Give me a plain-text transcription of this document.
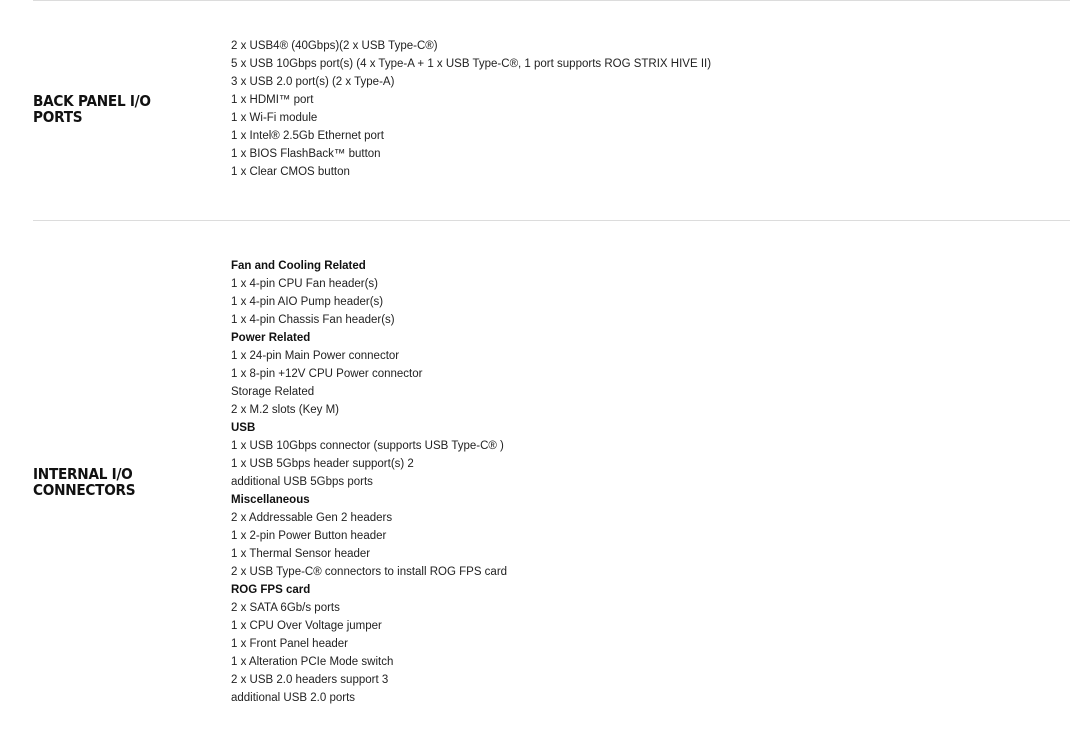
BACK PANEL I/O
PORTS
2 x USB4® (40Gbps)(2 x USB Type-C®)
5 x USB 10Gbps port(s) (4 x Type-A + 1 x USB Type-C®, 1 port supports ROG STRIX HIVE II)
3 x USB 2.0 port(s) (2 x Type-A)
1 x HDMI™ port
1 x Wi-Fi module
1 x Intel® 2.5Gb Ethernet port
1 x BIOS FlashBack™ button
1 x Clear CMOS button
INTERNAL I/O
CONNECTORS
Fan and Cooling Related
1 x 4-pin CPU Fan header(s)
1 x 4-pin AIO Pump header(s)
1 x 4-pin Chassis Fan header(s)
Power Related
1 x 24-pin Main Power connector
1 x 8-pin +12V CPU Power connector
Storage Related
2 x M.2 slots (Key M)
USB
1 x USB 10Gbps connector (supports USB Type-C® )
1 x USB 5Gbps header support(s) 2
additional USB 5Gbps ports
Miscellaneous
2 x Addressable Gen 2 headers
1 x 2-pin Power Button header
1 x Thermal Sensor header
2 x USB Type-C® connectors to install ROG FPS card
ROG FPS card
2 x SATA 6Gb/s ports
1 x CPU Over Voltage jumper
1 x Front Panel header
1 x Alteration PCIe Mode switch
2 x USB 2.0 headers support 3
additional USB 2.0 ports
